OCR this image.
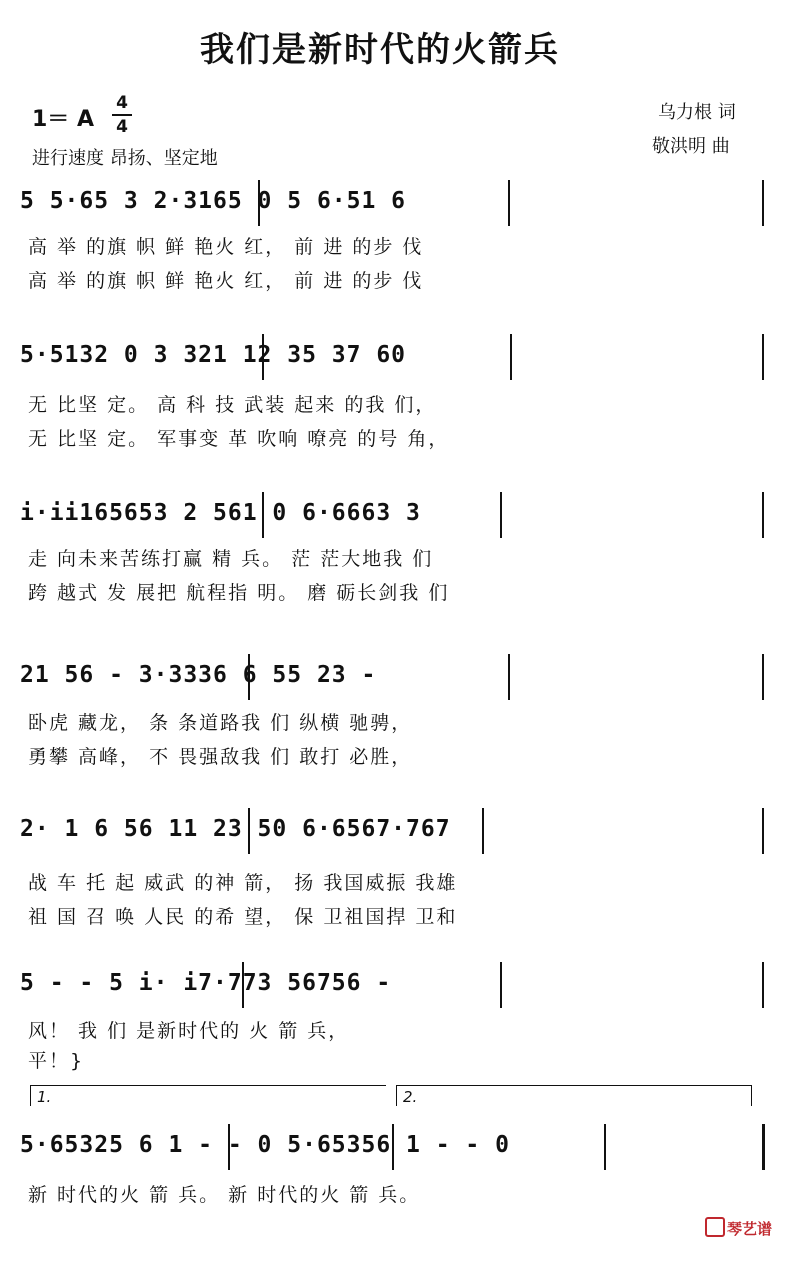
我们是新时代的火箭兵
1＝ A
4
4
进行速度 昂扬、坚定地
乌力根 词
敬洪明 曲
5 5·65 3 2·3165 0 5 6·51 6
高 举 的旗 帜 鲜 艳火 红， 前 进 的步 伐
高 举 的旗 帜 鲜 艳火 红， 前 进 的步 伐
5·5132 0 3 321 12 35 37 60
无 比坚 定。 高 科 技 武装 起来 的我 们，
无 比坚 定。 军事变 革 吹响 嘹亮 的号 角，
i·ii165653 2 561 0 6·6663 3
走 向未来苦练打赢 精 兵。 茫 茫大地我 们
跨 越式 发 展把 航程指 明。 磨 砺长剑我 们
21 56 - 3·3336 6 55 23 -
卧虎 藏龙， 条 条道路我 们 纵横 驰骋，
勇攀 高峰， 不 畏强敌我 们 敢打 必胜，
2· 1 6 56 11 23 50 6·6567·767
战 车 托 起 威武 的神 箭， 扬 我国威振 我雄
祖 国 召 唤 人民 的希 望， 保 卫祖国捍 卫和
5 - - 5 i· i7·773 56756 -
风！ 我 们 是新时代的 火 箭 兵，
平！}
1.	2.
5·65325 6 1 - - 0 5·65356 1 - - 0
新 时代的火 箭 兵。 新 时代的火 箭 兵。
琴艺谱
